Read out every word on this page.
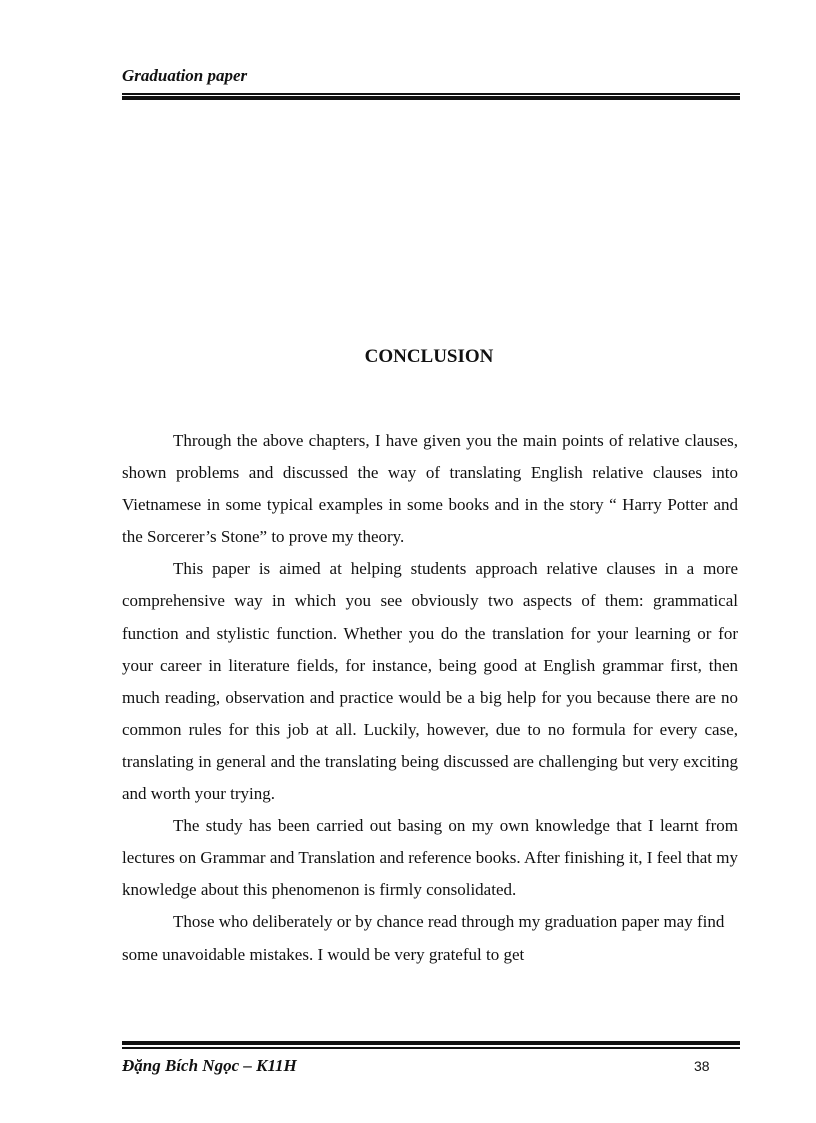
Graduation paper
CONCLUSION

Through the above chapters, I have given you the main points of relative clauses, shown problems and discussed the way of translating English relative clauses into Vietnamese in some typical examples in some books and in the story “ Harry Potter and the Sorcerer’s Stone” to prove my theory.

This paper is aimed at helping students approach relative clauses in a more comprehensive way in which you see obviously two aspects of them: grammatical function and stylistic function. Whether you do the translation for your learning or for your career in literature fields, for instance, being good at English grammar first, then much reading, observation and practice would be a big help for you because there are no common rules for this job at all. Luckily, however, due to no formula for every case, translating in general and the translating being discussed are challenging but very exciting and worth your trying.

The study has been carried out basing on my own knowledge that I learnt from lectures on Grammar and Translation and reference books. After finishing it, I feel that my knowledge about this phenomenon is firmly consolidated.

Those who deliberately or by chance read through my graduation paper may find some unavoidable mistakes. I would be very grateful to get

Đặng Bích Ngọc – K11H	38
